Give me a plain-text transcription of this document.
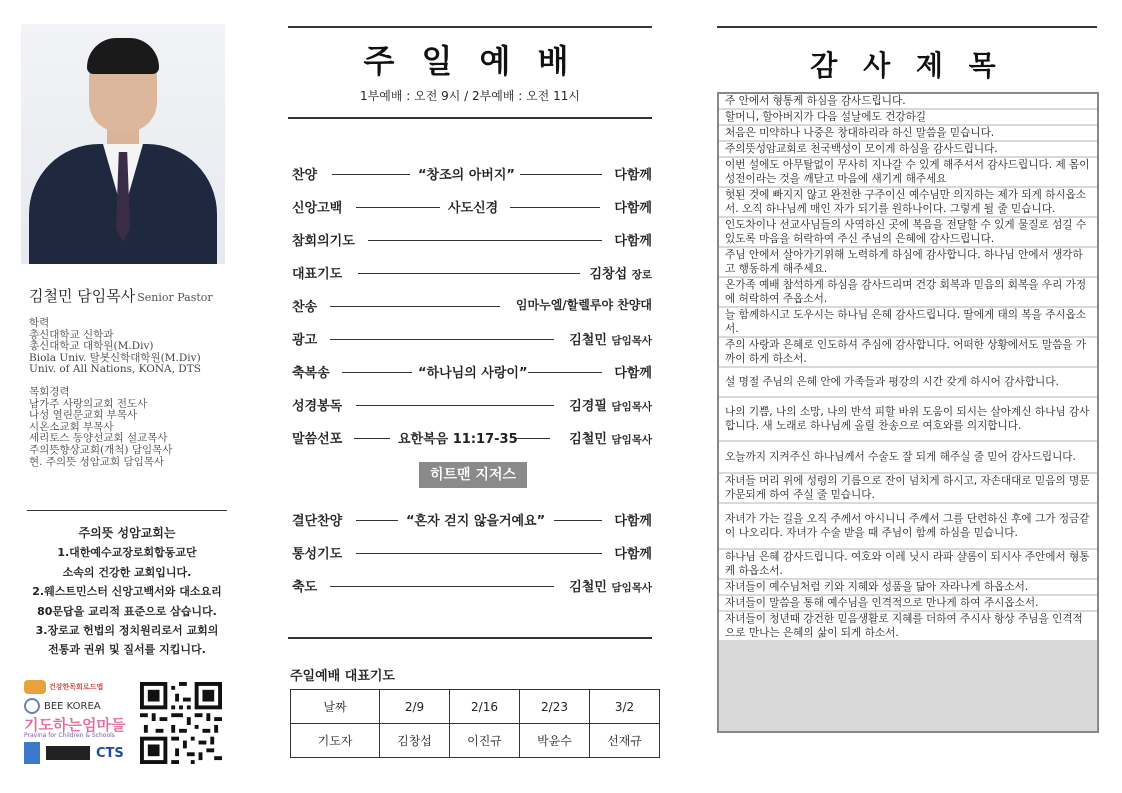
김철민 담임목사 Senior Pastor
학력
총신대학교 신학과
총신대학교 대학원(M.Div)
Biola Univ. 탈봇신학대학원(M.Div)
Univ. of All Nations, KONA, DTS
목회경력
남가주 사랑의교회 전도사
나성 열린문교회 부목사
시온소교회 부목사
세리토스 동양선교회 설교목사
주의뜻향상교회(개척) 담임목사
현. 주의뜻 성암교회 담임목사
주의뜻 성암교회는
1.대한예수교장로회합동교단
소속의 건강한 교회입니다.
2.웨스트민스터 신앙고백서와 대소요리
80문답을 교리적 표준으로 삼습니다.
3.장로교 헌법의 정치원리로서 교회의
전통과 권위 및 질서를 지킵니다.
건강한목회로드맵
BEE KOREA
기도하는엄마들
Pravina for Children & Schools
CTS
주 일 예 배
1부예배 : 오전 9시 / 2부예배 : 오전 11시
찬양	“창조의 아버지”	다함께
신앙고백	사도신경	다함께
참회의기도	다함께
대표기도	김창섭 장로
찬송	임마누엘/할렐루야 찬양대
광고	김철민 담임목사
축복송	“하나님의 사랑이”	다함께
성경봉독	김경필 담임목사
말씀선포	요한복음 11:17-35	김철민 담임목사
히트맨 지저스
결단찬양	“혼자 걷지 않을거예요”	다함께
통성기도	다함께
축도	김철민 담임목사
주일예배 대표기도
날짜	2/9	2/16	2/23	3/2
기도자	김창섭	이진규	박윤수	선재규
감 사 제 목
주 안에서 형통케 하심을 감사드립니다.
할머니, 할아버지가 다음 설날에도 건강하길
처음은 미약하나 나중은 창대하리라 하신 말씀을 믿습니다.
주의뜻성암교회로 천국백성이 모이게 하심을 감사드립니다.
이번 설에도 아무탈없이 무사히 지나갈 수 있게 해주셔서 감사드립니다. 제 몸이 성전이라는 것을 깨닫고 마음에 새기게 해주세요
헛된 것에 빠지지 않고 완전한 구주이신 예수님만 의지하는 제가 되게 하시옵소서. 오직 하나님께 매인 자가 되기를 원하나이다. 그렇게 될 줄 믿습니다.
인도차이나 선교사님들의 사역하신 곳에 복음을 전달할 수 있게 물질로 섬길 수 있도록 마음을 허락하여 주신 주님의 은혜에 감사드립니다.
주님 안에서 살아가기위해 노력하게 하심에 감사합니다. 하나님 안에서 생각하고 행동하게 해주세요.
온가족 예배 참석하게 하심을 감사드리며 건강 회복과 믿음의 회복을 우리 가정에 허락하여 주옵소서.
늘 함께하시고 도우시는 하나님 은혜 감사드립니다. 딸에게 태의 복을 주시옵소서.
주의 사랑과 은혜로 인도하셔 주심에 감사합니다. 어떠한 상황에서도 말씀을 가까이 하게 하소서.
설 명절 주님의 은혜 안에 가족들과 평강의 시간 갖게 하시어 감사합니다.
나의 기쁨, 나의 소망, 나의 반석 피할 바위 도움이 되시는 살아계신 하나님 감사합니다. 새 노래로 하나님께 올릴 찬송으로 여호와를 의지합니다.
오늘까지 지켜주신 하나님께서 수술도 잘 되게 해주실 줄 믿어 감사드립니다.
자녀들 머리 위에 성령의 기름으로 잔이 넘치게 하시고, 자손대대로 믿음의 명문가문되게 하여 주실 줄 믿습니다.
자녀가 가는 길을 오직 주께서 아시니니 주께서 그를 단련하신 후에 그가 정금같이 나오리다. 자녀가 수술 받을 때 주님이 함께 하심을 믿습니다.
하나님 은혜 감사드립니다. 여호와 이레 닛시 라파 샬롬이 되시사 주안에서 형통케 하옵소서.
자녀들이 예수님처럼 키와 지혜와 성품을 닮아 자라나게 하옵소서.
자녀들이 말씀을 통해 예수님을 인격적으로 만나게 하여 주시옵소서.
자녀들이 청년때 강건한 믿음생활로 지혜를 더하여 주시사 항상 주님을 인격적으로 만나는 은혜의 삶이 되게 하소서.
